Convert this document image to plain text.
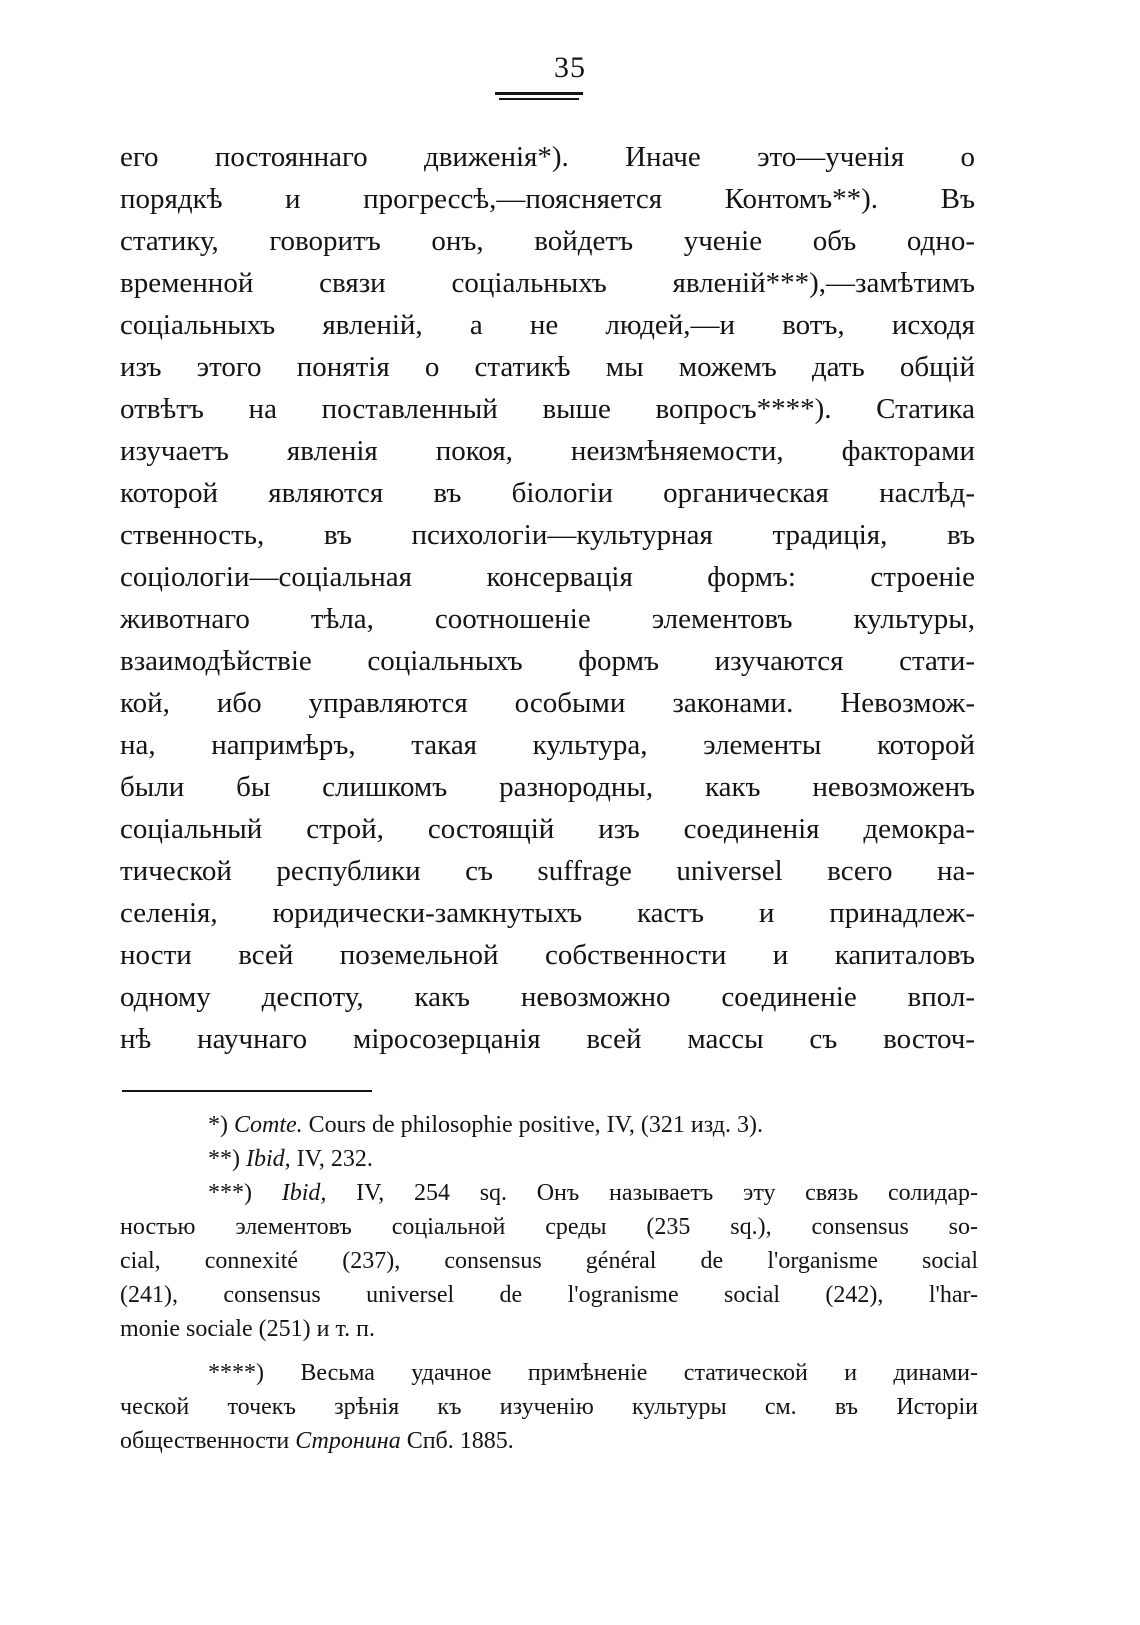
35
его постояннаго движенія*). Иначе это—ученія о
порядкѣ и прогрессѣ,—поясняется Контомъ**). Въ
статику, говоритъ онъ, войдетъ ученіе объ одно-
временной связи соціальныхъ явленій***),—замѣтимъ
соціальныхъ явленій, а не людей,—и вотъ, исходя
изъ этого понятія о статикѣ мы можемъ дать общій
отвѣтъ на поставленный выше вопросъ****). Статика
изучаетъ явленія покоя, неизмѣняемости, факторами
которой являются въ біологіи органическая наслѣд-
ственность, въ психологіи—культурная традиція, въ
соціологіи—соціальная консервація формъ: строеніе
животнаго тѣла, соотношеніе элементовъ культуры,
взаимодѣйствіе соціальныхъ формъ изучаются стати-
кой, ибо управляются особыми законами. Невозмож-
на, напримѣръ, такая культура, элементы которой
были бы слишкомъ разнородны, какъ невозможенъ
соціальный строй, состоящій изъ соединенія демокра-
тической республики съ suffrage universel всего на-
селенія, юридически-замкнутыхъ кастъ и принадлеж-
ности всей поземельной собственности и капиталовъ
одному деспоту, какъ невозможно соединеніе впол-
нѣ научнаго міросозерцанія всей массы съ восточ-
*) Comte. Cours de philosophie positive, IV, (321 изд. 3).
**) Ibid, IV, 232.
***) Ibid, IV, 254 sq. Онъ называетъ эту связь солидар-
ностью элементовъ соціальной среды (235 sq.), consensus so-
cial, connexité (237), consensus général de l'organisme social
(241), consensus universel de l'ogranisme social (242), l'har-
monie sociale (251) и т. п.
****) Весьма удачное примѣненіе статической и динами-
ческой точекъ зрѣнія къ изученію культуры см. въ Исторіи
общественности Стронина Спб. 1885.
